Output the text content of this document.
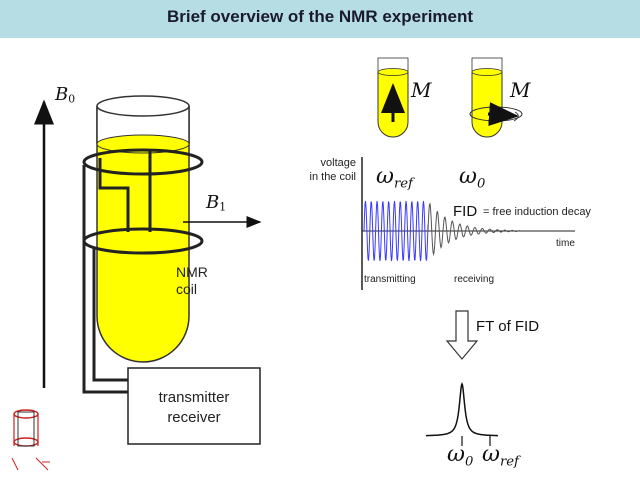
Brief overview of the NMR experiment
B0
B1
M	M
NMR
coil
transmitter
receiver
voltage
in the coil $\omega_{ref}$ $\omega_0$
FID = free induction decay
time
transmitting	receiving
FT of FID
$\omega_0$ $\omega_{ref}$
